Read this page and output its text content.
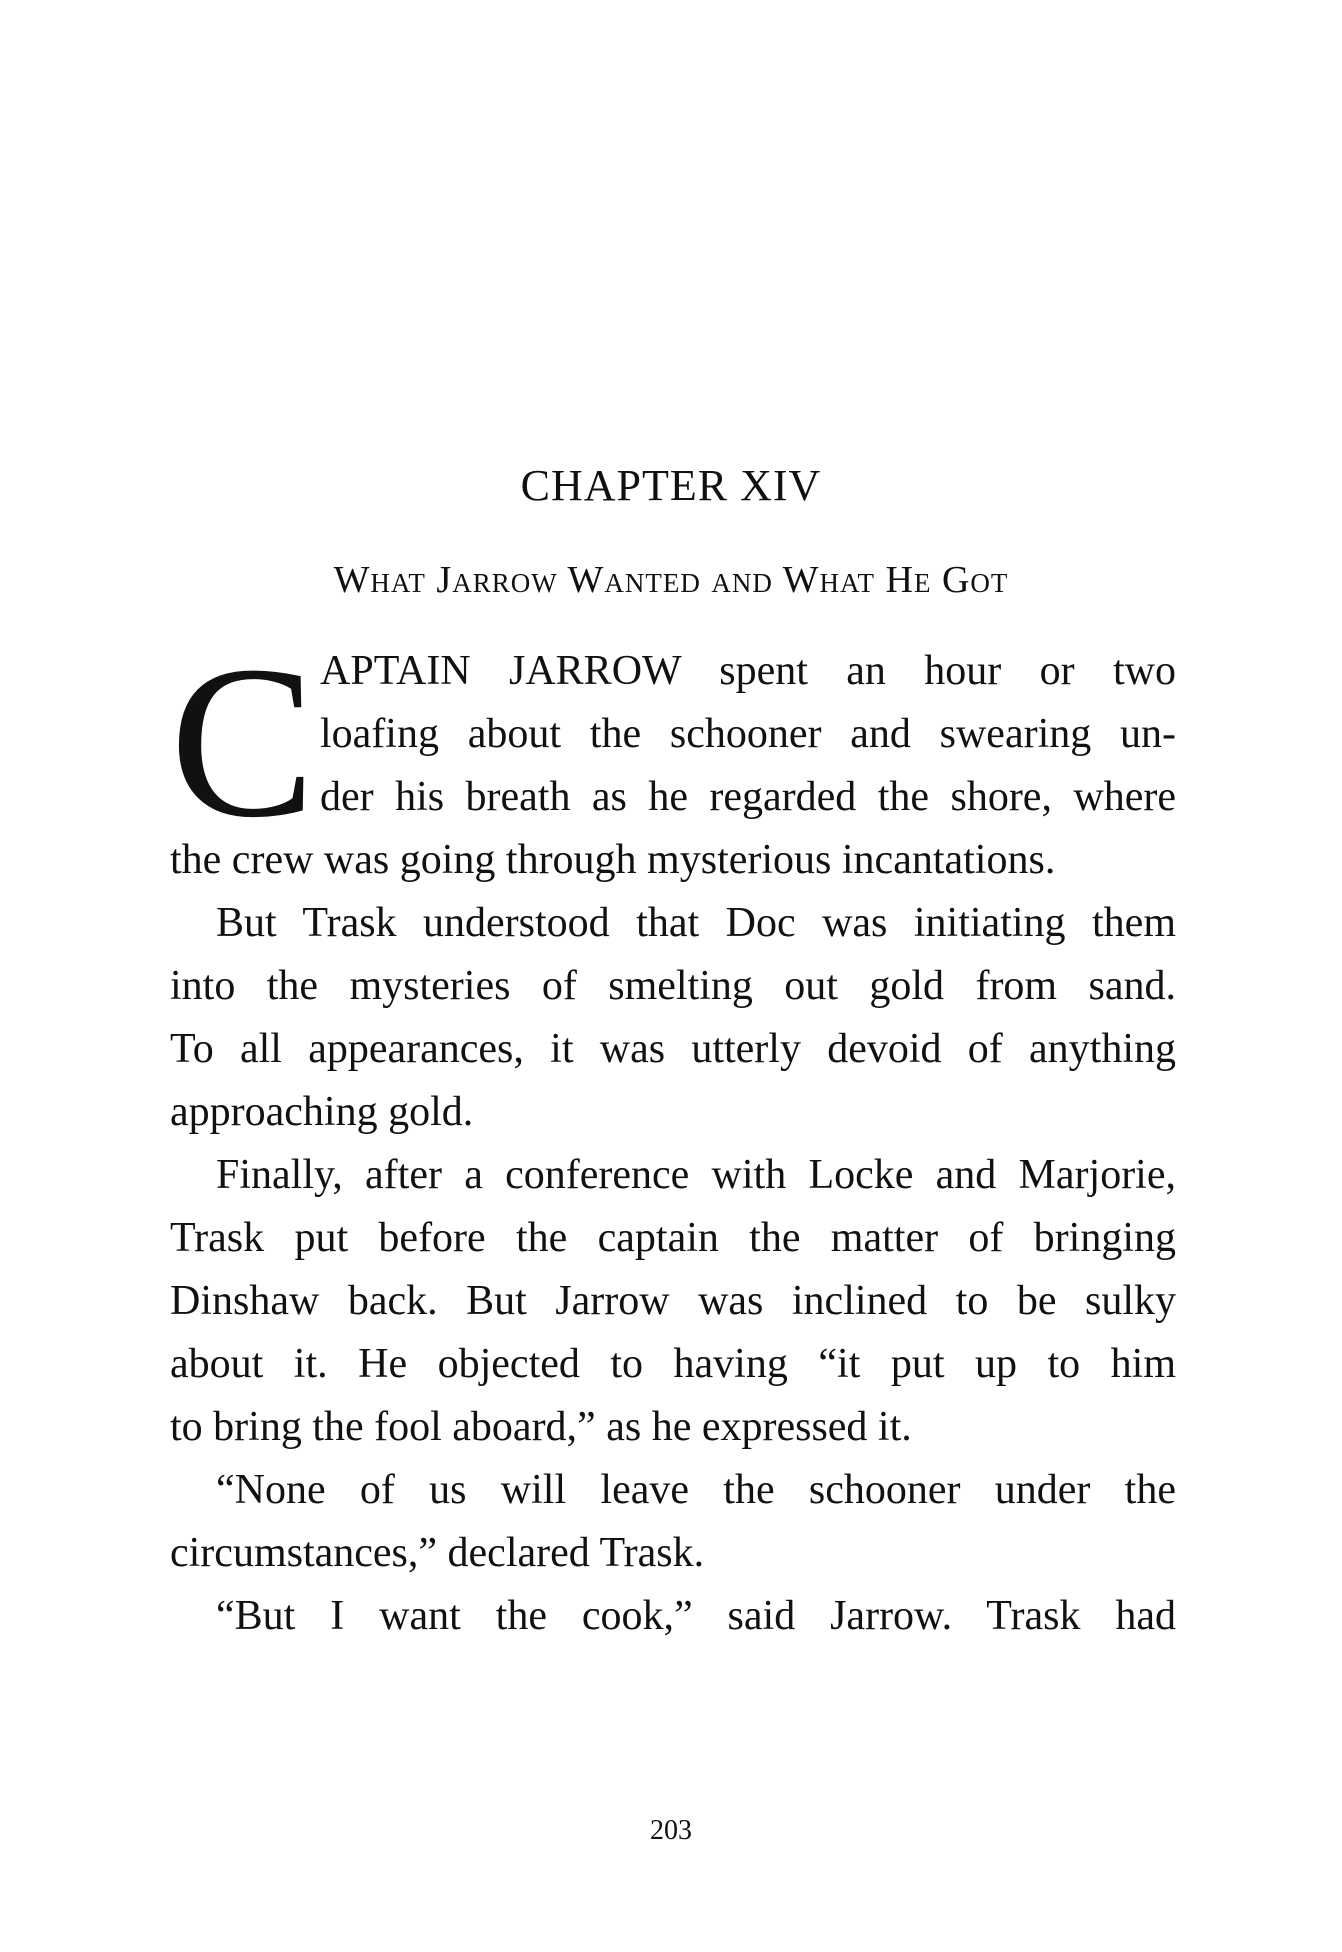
CHAPTER XIV
What Jarrow Wanted and What He Got
C APTAIN JARROW spent an hour or two
loafing about the schooner and swearing un-
der his breath as he regarded the shore, where
the crew was going through mysterious incantations.
But Trask understood that Doc was initiating them
into the mysteries of smelting out gold from sand.
To all appearances, it was utterly devoid of anything
approaching gold.
Finally, after a conference with Locke and Marjorie,
Trask put before the captain the matter of bringing
Dinshaw back. But Jarrow was inclined to be sulky
about it. He objected to having “it put up to him
to bring the fool aboard,” as he expressed it.
“None of us will leave the schooner under the
circumstances,” declared Trask.
“But I want the cook,” said Jarrow. Trask had
203
